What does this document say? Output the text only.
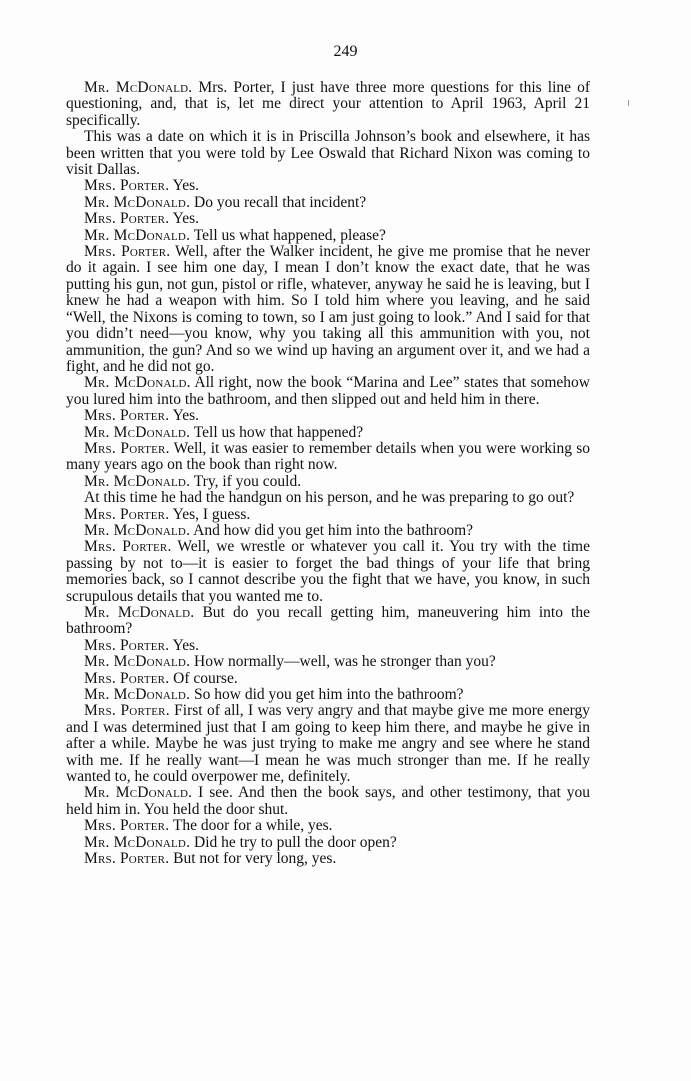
249

Mr. McDonald. Mrs. Porter, I just have three more questions for this line of questioning, and, that is, let me direct your attention to April 1963, April 21 specifically.

This was a date on which it is in Priscilla Johnson’s book and elsewhere, it has been written that you were told by Lee Oswald that Richard Nixon was coming to visit Dallas.

Mrs. Porter. Yes.

Mr. McDonald. Do you recall that incident?

Mrs. Porter. Yes.

Mr. McDonald. Tell us what happened, please?

Mrs. Porter. Well, after the Walker incident, he give me promise that he never do it again. I see him one day, I mean I don’t know the exact date, that he was putting his gun, not gun, pistol or rifle, whatever, anyway he said he is leaving, but I knew he had a weapon with him. So I told him where you leaving, and he said “Well, the Nixons is coming to town, so I am just going to look.” And I said for that you didn’t need—you know, why you taking all this ammunition with you, not ammunition, the gun? And so we wind up having an argument over it, and we had a fight, and he did not go.

Mr. McDonald. All right, now the book “Marina and Lee” states that somehow you lured him into the bathroom, and then slipped out and held him in there.

Mrs. Porter. Yes.

Mr. McDonald. Tell us how that happened?

Mrs. Porter. Well, it was easier to remember details when you were working so many years ago on the book than right now.

Mr. McDonald. Try, if you could.

At this time he had the handgun on his person, and he was preparing to go out?

Mrs. Porter. Yes, I guess.

Mr. McDonald. And how did you get him into the bathroom?

Mrs. Porter. Well, we wrestle or whatever you call it. You try with the time passing by not to—it is easier to forget the bad things of your life that bring memories back, so I cannot describe you the fight that we have, you know, in such scrupulous details that you wanted me to.

Mr. McDonald. But do you recall getting him, maneuvering him into the bathroom?

Mrs. Porter. Yes.

Mr. McDonald. How normally—well, was he stronger than you?

Mrs. Porter. Of course.

Mr. McDonald. So how did you get him into the bathroom?

Mrs. Porter. First of all, I was very angry and that maybe give me more energy and I was determined just that I am going to keep him there, and maybe he give in after a while. Maybe he was just trying to make me angry and see where he stand with me. If he really want—I mean he was much stronger than me. If he really wanted to, he could overpower me, definitely.

Mr. McDonald. I see. And then the book says, and other testimony, that you held him in. You held the door shut.

Mrs. Porter. The door for a while, yes.

Mr. McDonald. Did he try to pull the door open?

Mrs. Porter. But not for very long, yes.
